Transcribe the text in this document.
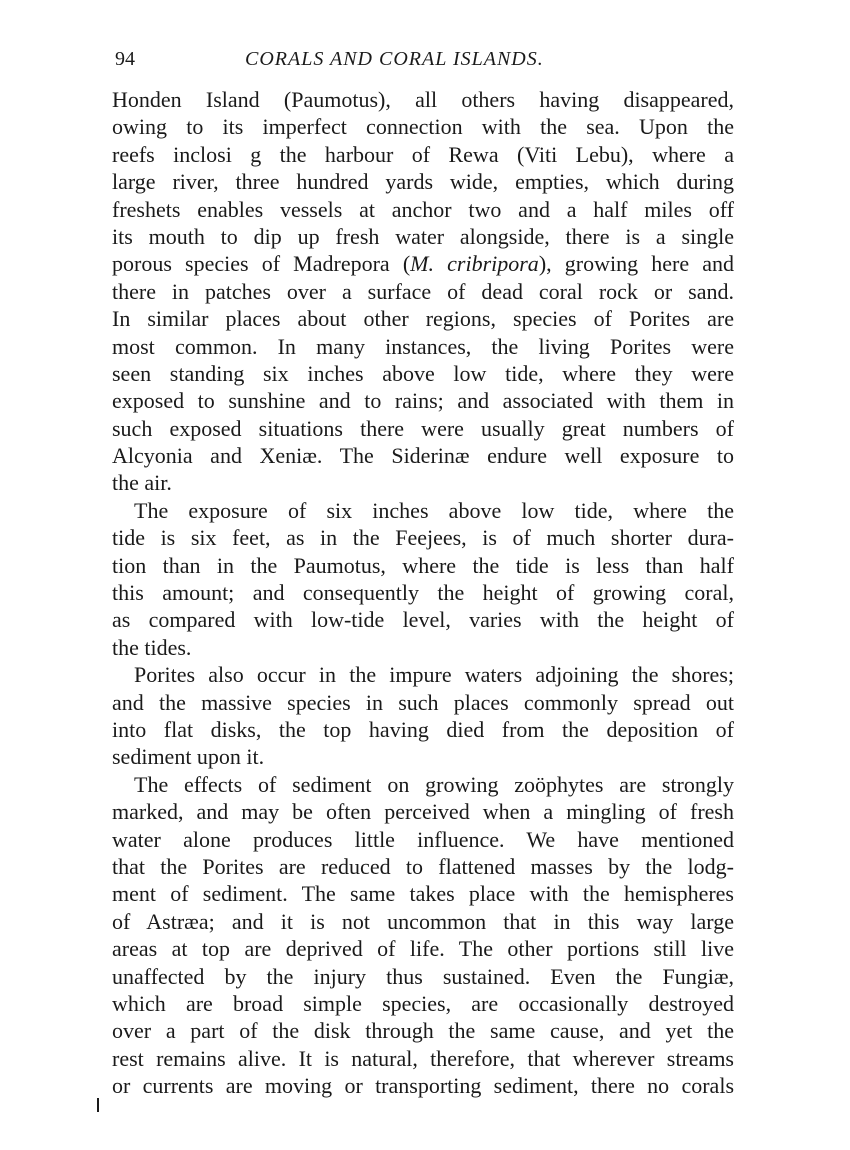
94	CORALS AND CORAL ISLANDS.
Honden Island (Paumotus), all others having disappeared,
owing to its imperfect connection with the sea. Upon the
reefs inclosi g the harbour of Rewa (Viti Lebu), where a
large river, three hundred yards wide, empties, which during
freshets enables vessels at anchor two and a half miles off
its mouth to dip up fresh water alongside, there is a single
porous species of Madrepora (M. cribripora), growing here and
there in patches over a surface of dead coral rock or sand.
In similar places about other regions, species of Porites are
most common. In many instances, the living Porites were
seen standing six inches above low tide, where they were
exposed to sunshine and to rains; and associated with them in
such exposed situations there were usually great numbers of
Alcyonia and Xeniæ. The Siderinæ endure well exposure to
the air.
The exposure of six inches above low tide, where the
tide is six feet, as in the Feejees, is of much shorter dura-
tion than in the Paumotus, where the tide is less than half
this amount; and consequently the height of growing coral,
as compared with low-tide level, varies with the height of
the tides.
Porites also occur in the impure waters adjoining the shores;
and the massive species in such places commonly spread out
into flat disks, the top having died from the deposition of
sediment upon it.
The effects of sediment on growing zoöphytes are strongly
marked, and may be often perceived when a mingling of fresh
water alone produces little influence. We have mentioned
that the Porites are reduced to flattened masses by the lodg-
ment of sediment. The same takes place with the hemispheres
of Astræa; and it is not uncommon that in this way large
areas at top are deprived of life. The other portions still live
unaffected by the injury thus sustained. Even the Fungiæ,
which are broad simple species, are occasionally destroyed
over a part of the disk through the same cause, and yet the
rest remains alive. It is natural, therefore, that wherever streams
or currents are moving or transporting sediment, there no corals
